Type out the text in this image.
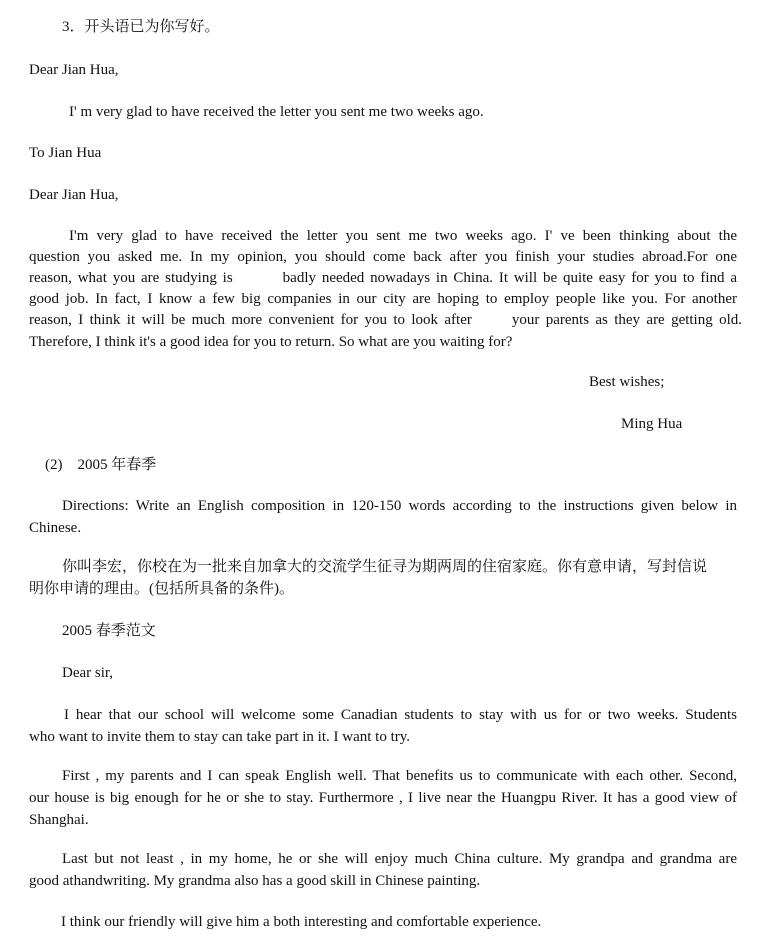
3．开头语已为你写好。
Dear Jian Hua,
I' m very glad to have received the letter you sent me two weeks ago.
To Jian Hua
Dear Jian Hua,
I'm very glad to have received the letter you sent me two weeks ago. I' ve been thinking about the
question you asked me. In my opinion, you should come back after you finish your studies abroad.For one
reason, what you are studying is	badly needed nowadays in China. It will be quite easy for you to find a
good job. In fact, I know a few big companies in our city are hoping to employ people like you. For another
reason, I think it will be much more convenient for you to look after	your parents as they are getting old.
Therefore, I think it's a good idea for you to return. So what are you waiting for?
Best wishes;
Ming Hua
(2)　2005 年春季
Directions: Write an English composition in 120-150 words according to the instructions given below in
Chinese.
你叫李宏，你校在为一批来自加拿大的交流学生征寻为期两周的住宿家庭。你有意申请，写封信说
明你申请的理由。(包括所具备的条件)。
2005 春季范文
Dear sir,
I hear that our school will welcome some Canadian students to stay with us for or two weeks. Students
who want to invite them to stay can take part in it. I want to try.
First , my parents and I can speak English well. That benefits us to communicate with each other. Second,
our house is big enough for he or she to stay. Furthermore , I live near the Huangpu River. It has a good view of
Shanghai.
Last but not least , in my home, he or she will enjoy much China culture. My grandpa and grandma are
good athandwriting. My grandma also has a good skill in Chinese painting.
I think our friendly will give him a both interesting and comfortable experience.
